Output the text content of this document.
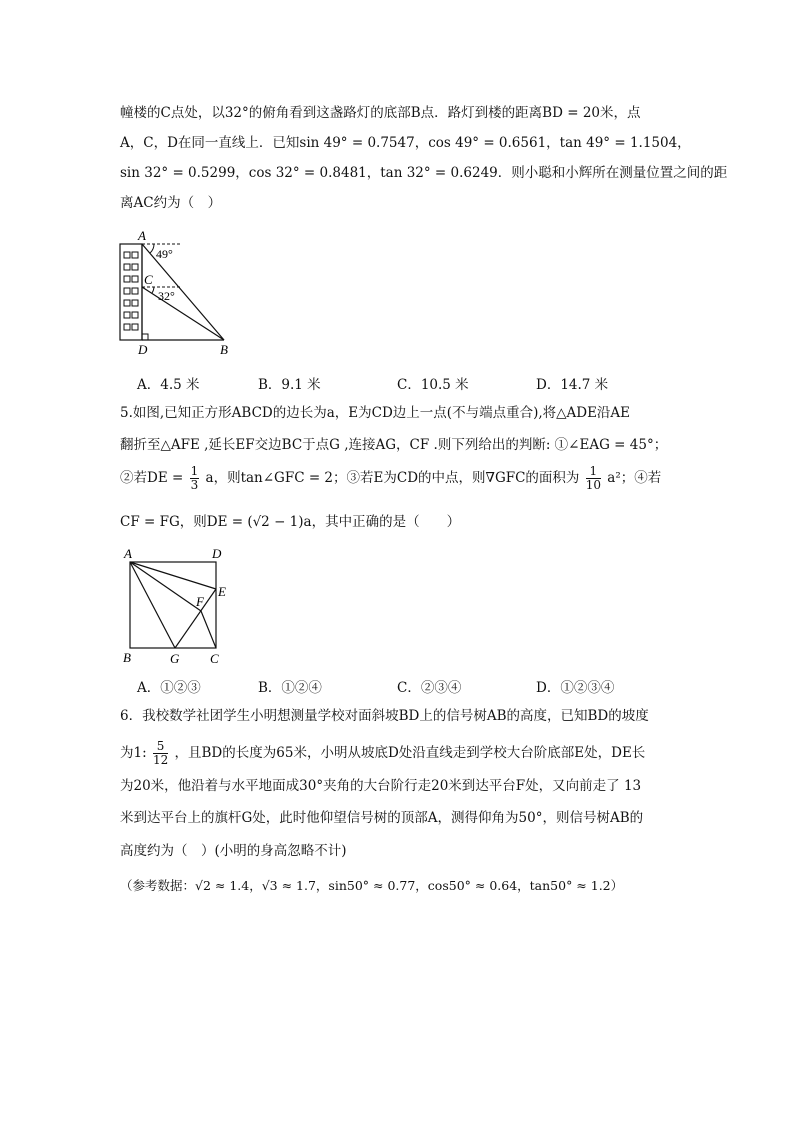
幢楼的C点处，以32°的俯角看到这盏路灯的底部B点．路灯到楼的距离BD = 20米，点
A，C，D在同一直线上．已知sin 49° = 0.7547，cos 49° = 0.6561，tan 49° = 1.1504，
sin 32° = 0.5299，cos 32° = 0.8481，tan 32° = 0.6249．则小聪和小辉所在测量位置之间的距
离AC约为（　）
A
C
D	B
49°
32°
A．4.5 米	B．9.1 米	C．10.5 米	D．14.7 米
5.如图,已知正方形ABCD的边长为a，E为CD边上一点(不与端点重合),将△ADE沿AE
翻折至△AFE ,延长EF交边BC于点G ,连接AG，CF .则下列给出的判断: ①∠EAG = 45°；
②若DE = $\frac{1}{3}$ a，则tan∠GFC = 2；③若E为CD的中点，则∇GFC的面积为 $\frac{1}{10} a^2$；④若
CF = FG，则DE = (√2 − 1)a，其中正确的是（　　）
A	D
E
F
B	G C
A．①②③	B．①②④	C．②③④	D．①②③④
6．我校数学社团学生小明想测量学校对面斜坡BD上的信号树AB的高度，已知BD的坡度
为1: $\frac{5}{12}$ ，且BD的长度为65米，小明从坡底D处沿直线走到学校大台阶底部E处，DE长
为20米，他沿着与水平地面成30°夹角的大台阶行走20米到达平台F处，又向前走了 13
米到达平台上的旗杆G处，此时他仰望信号树的顶部A，测得仰角为50°，则信号树AB的
高度约为（　）(小明的身高忽略不计)
（参考数据：√2 ≈ 1.4，√3 ≈ 1.7，sin50° ≈ 0.77，cos50° ≈ 0.64，tan50° ≈ 1.2）
